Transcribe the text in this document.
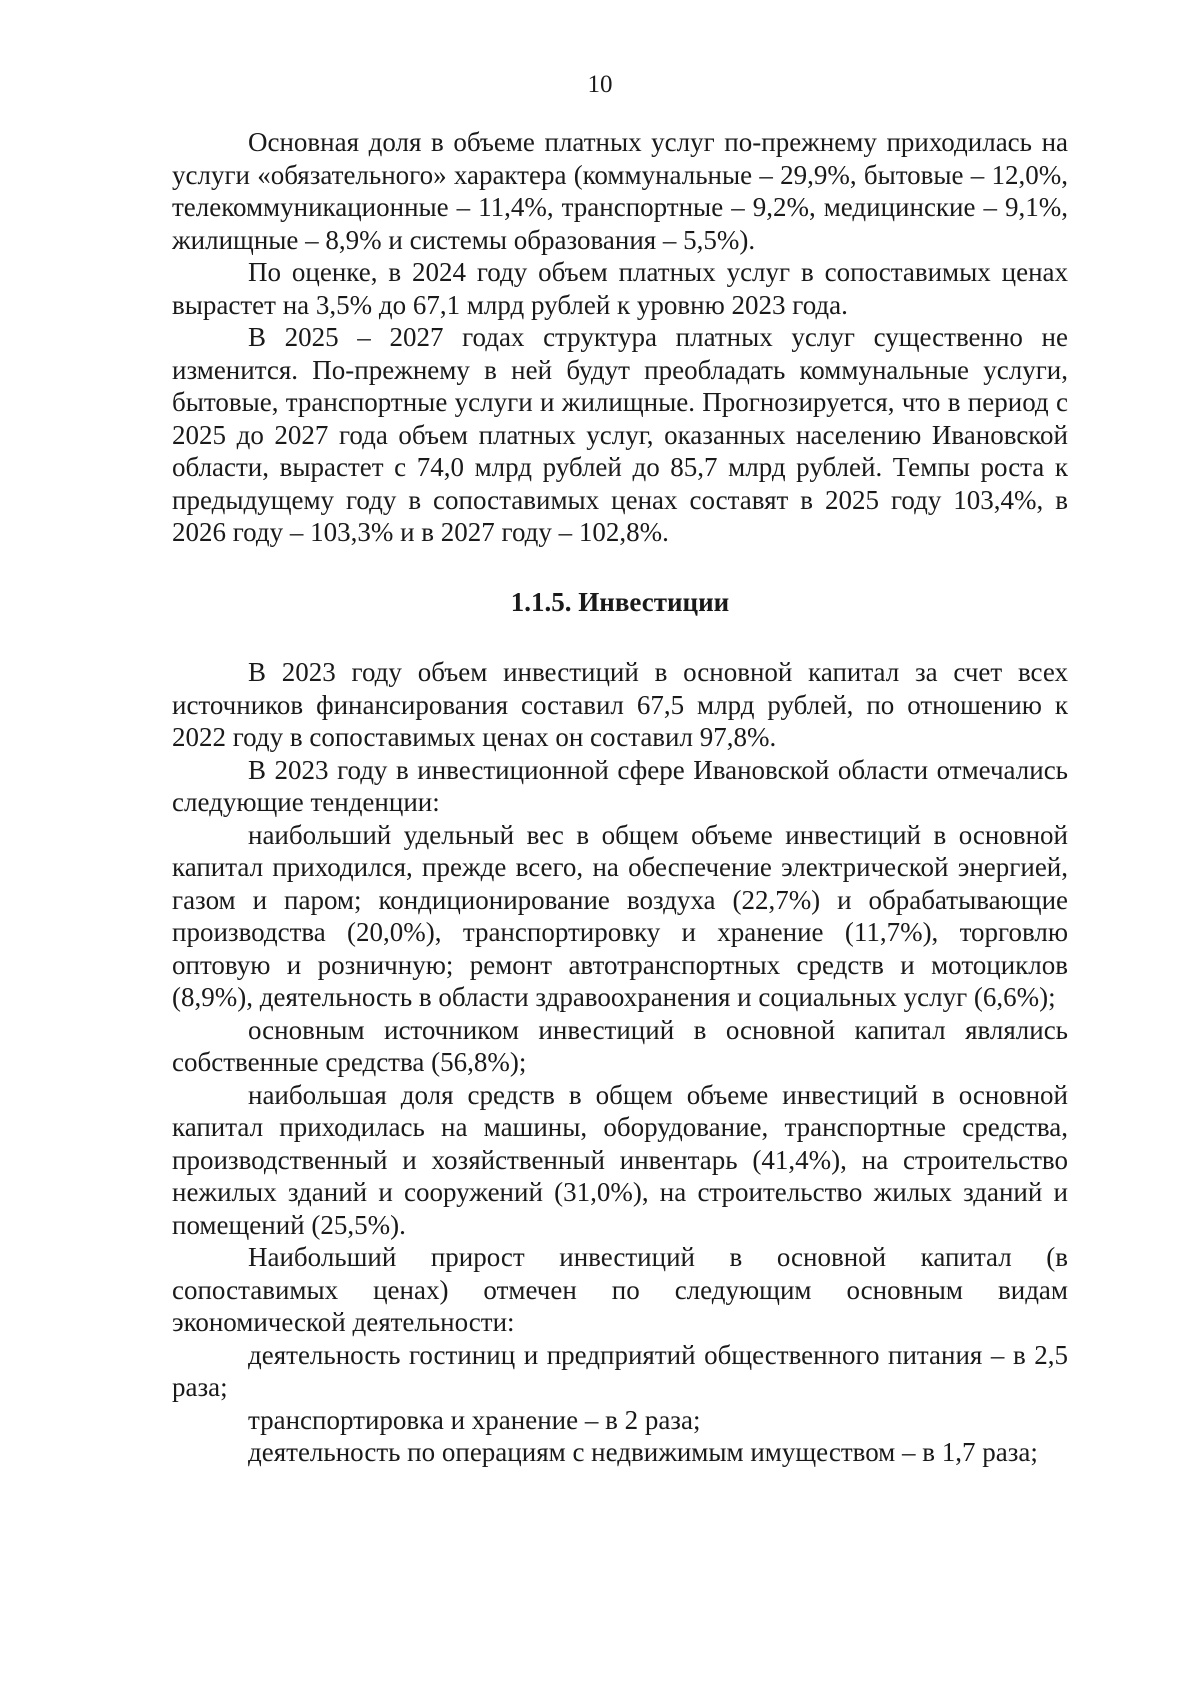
10

Основная доля в объеме платных услуг по-прежнему приходилась на услуги «обязательного» характера (коммунальные – 29,9%, бытовые – 12,0%, телекоммуникационные – 11,4%, транспортные – 9,2%, медицинские – 9,1%, жилищные – 8,9% и системы образования – 5,5%).

По оценке, в 2024 году объем платных услуг в сопоставимых ценах вырастет на 3,5% до 67,1 млрд рублей к уровню 2023 года.

В 2025 – 2027 годах структура платных услуг существенно не изменится. По-прежнему в ней будут преобладать коммунальные услуги, бытовые, транспортные услуги и жилищные. Прогнозируется, что в период с 2025 до 2027 года объем платных услуг, оказанных населению Ивановской области, вырастет с 74,0 млрд рублей до 85,7 млрд рублей. Темпы роста к предыдущему году в сопоставимых ценах составят в 2025 году 103,4%, в 2026 году – 103,3% и в 2027 году – 102,8%.

1.1.5. Инвестиции

В 2023 году объем инвестиций в основной капитал за счет всех источников финансирования составил 67,5 млрд рублей, по отношению к 2022 году в сопоставимых ценах он составил 97,8%.

В 2023 году в инвестиционной сфере Ивановской области отмечались следующие тенденции:

наибольший удельный вес в общем объеме инвестиций в основной капитал приходился, прежде всего, на обеспечение электрической энергией, газом и паром; кондиционирование воздуха (22,7%) и обрабатывающие производства (20,0%), транспортировку и хранение (11,7%), торговлю оптовую и розничную; ремонт автотранспортных средств и мотоциклов (8,9%), деятельность в области здравоохранения и социальных услуг (6,6%);

основным источником инвестиций в основной капитал являлись собственные средства (56,8%);

наибольшая доля средств в общем объеме инвестиций в основной капитал приходилась на машины, оборудование, транспортные средства, производственный и хозяйственный инвентарь (41,4%), на строительство нежилых зданий и сооружений (31,0%), на строительство жилых зданий и помещений (25,5%).

Наибольший прирост инвестиций в основной капитал (в сопоставимых ценах) отмечен по следующим основным видам экономической деятельности:

деятельность гостиниц и предприятий общественного питания – в 2,5 раза;

транспортировка и хранение – в 2 раза;

деятельность по операциям с недвижимым имуществом – в 1,7 раза;
